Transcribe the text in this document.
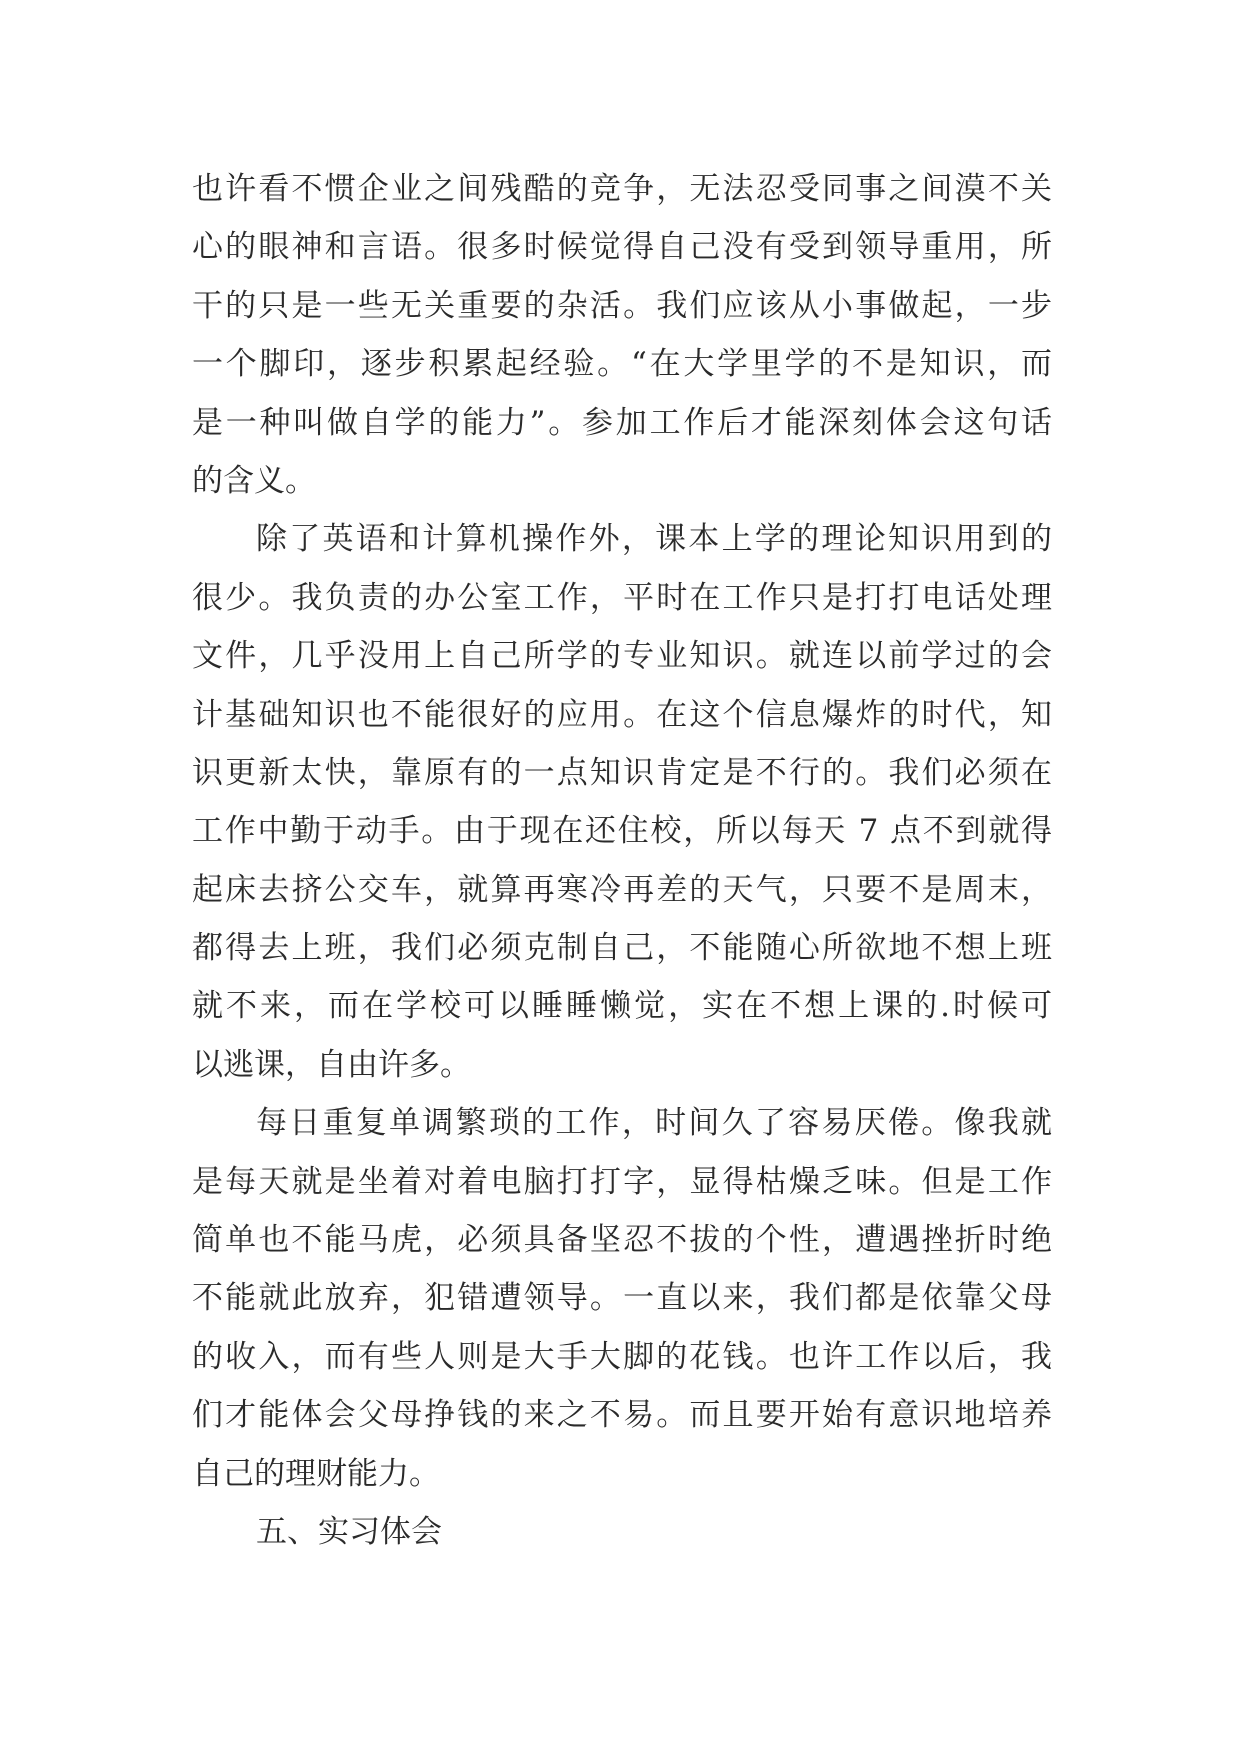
也许看不惯企业之间残酷的竞争，无法忍受同事之间漠不关
心的眼神和言语。很多时候觉得自己没有受到领导重用，所
干的只是一些无关重要的杂活。我们应该从小事做起，一步
一个脚印，逐步积累起经验。“在大学里学的不是知识，而
是一种叫做自学的能力”。参加工作后才能深刻体会这句话
的含义。
除了英语和计算机操作外，课本上学的理论知识用到的
很少。我负责的办公室工作，平时在工作只是打打电话处理
文件，几乎没用上自己所学的专业知识。就连以前学过的会
计基础知识也不能很好的应用。在这个信息爆炸的时代，知
识更新太快，靠原有的一点知识肯定是不行的。我们必须在
工作中勤于动手。由于现在还住校，所以每天 7 点不到就得
起床去挤公交车，就算再寒冷再差的天气，只要不是周末，
都得去上班，我们必须克制自己，不能随心所欲地不想上班
就不来，而在学校可以睡睡懒觉，实在不想上课的.时候可
以逃课，自由许多。
每日重复单调繁琐的工作，时间久了容易厌倦。像我就
是每天就是坐着对着电脑打打字，显得枯燥乏味。但是工作
简单也不能马虎，必须具备坚忍不拔的个性，遭遇挫折时绝
不能就此放弃，犯错遭领导。一直以来，我们都是依靠父母
的收入，而有些人则是大手大脚的花钱。也许工作以后，我
们才能体会父母挣钱的来之不易。而且要开始有意识地培养
自己的理财能力。
五、实习体会
